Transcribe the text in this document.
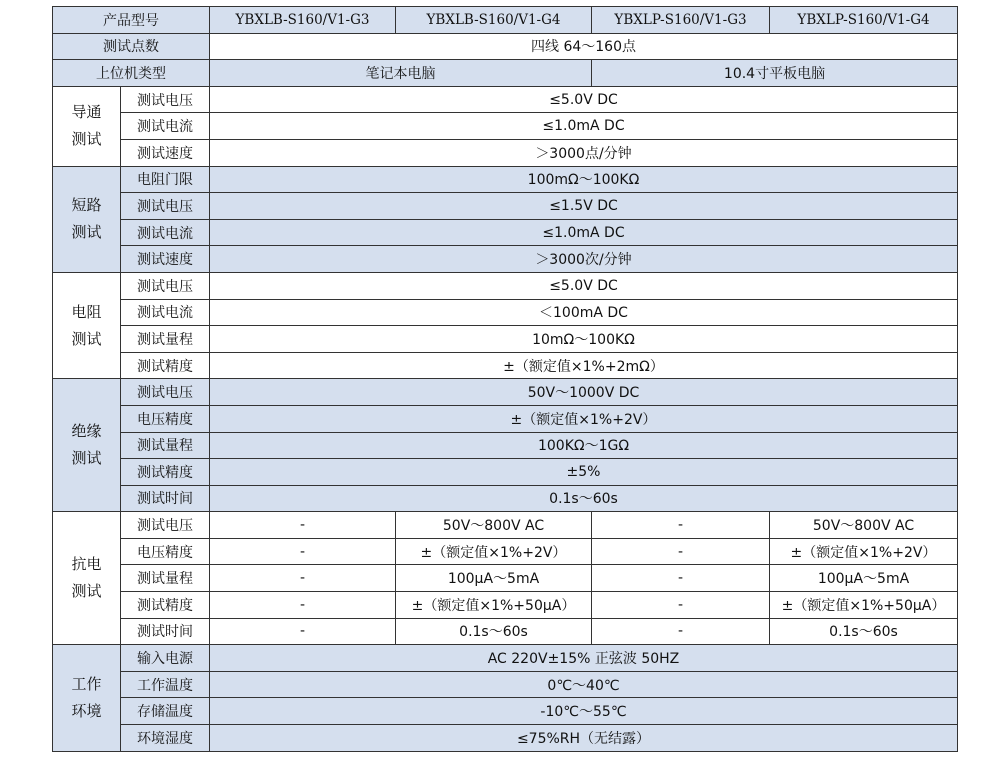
产品型号		YBXLB-S160/V1-G3	YBXLB-S160/V1-G4	YBXLP-S160/V1-G3	YBXLP-S160/V1-G4
测试点数		四线 64～160点			
上位机类型		笔记本电脑		10.4寸平板电脑	

导通
测试	测试电压	≤5.0V DC			
	测试电流	≤1.0mA DC			
	测试速度	＞3000点/分钟			

短路
测试	电阻门限	100mΩ～100KΩ			
	测试电压	≤1.5V DC			
	测试电流	≤1.0mA DC			
	测试速度	＞3000次/分钟			

电阻
测试	测试电压	≤5.0V DC			
	测试电流	＜100mA DC			
	测试量程	10mΩ～100KΩ			
	测试精度	±（额定值×1%+2mΩ）			

绝缘
测试	测试电压	50V～1000V DC			
	电压精度	±（额定值×1%+2V）			
	测试量程	100KΩ～1GΩ			
	测试精度	±5%			
	测试时间	0.1s～60s			

抗电
测试	测试电压	-	50V～800V AC	-	50V～800V AC
	电压精度	-	±（额定值×1%+2V）	-	±（额定值×1%+2V）
	测试量程	-	100μA～5mA	-	100μA～5mA
	测试精度	-	±（额定值×1%+50μA）	-	±（额定值×1%+50μA）
	测试时间	-	0.1s～60s	-	0.1s～60s

工作
环境	输入电源	AC 220V±15% 正弦波 50HZ			
	工作温度	0℃～40℃			
	存储温度	-10℃～55℃			
	环境湿度	≤75%RH（无结露）			
